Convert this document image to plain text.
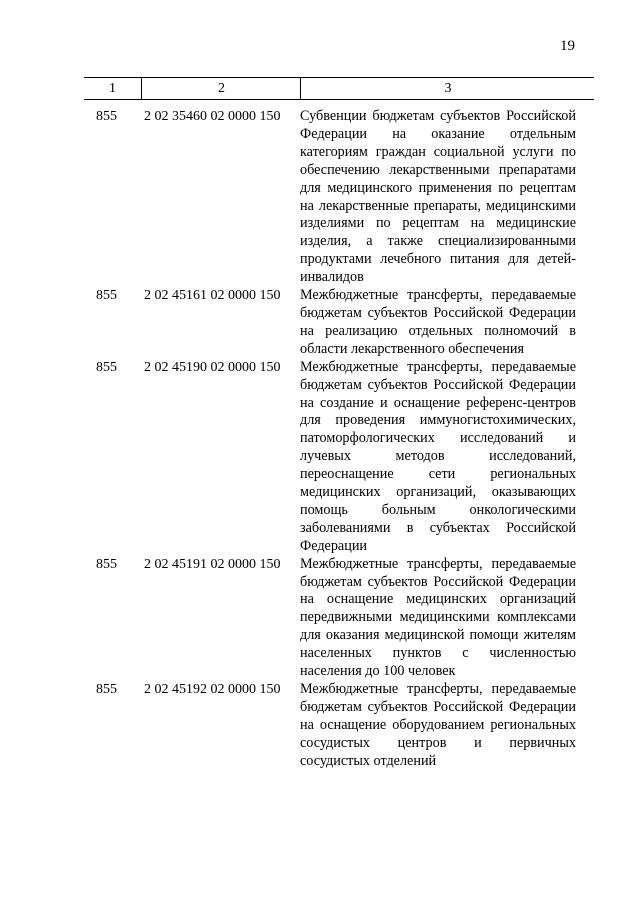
19
1	2	3
855 2 02 35460 02 0000 150 Субвенции бюджетам субъектов Российской Федерации на оказание отдельным категориям граждан социальной услуги по обеспечению лекарственными препаратами для медицинского применения по рецептам на лекарственные препараты, медицинскими изделиями по рецептам на медицинские изделия, а также специализированными продуктами лечебного питания для детей-инвалидов
855 2 02 45161 02 0000 150 Межбюджетные трансферты, передаваемые бюджетам субъектов Российской Федерации на реализацию отдельных полномочий в области лекарственного обеспечения
855 2 02 45190 02 0000 150 Межбюджетные трансферты, передаваемые бюджетам субъектов Российской Федерации на создание и оснащение референс-центров для проведения иммуногистохимических, патоморфологических исследований и лучевых методов исследований, переоснащение сети региональных медицинских организаций, оказывающих помощь больным онкологическими заболеваниями в субъектах Российской Федерации
855 2 02 45191 02 0000 150 Межбюджетные трансферты, передаваемые бюджетам субъектов Российской Федерации на оснащение медицинских организаций передвижными медицинскими комплексами для оказания медицинской помощи жителям населенных пунктов с численностью населения до 100 человек
855 2 02 45192 02 0000 150 Межбюджетные трансферты, передаваемые бюджетам субъектов Российской Федерации на оснащение оборудованием региональных сосудистых центров и первичных сосудистых отделений
